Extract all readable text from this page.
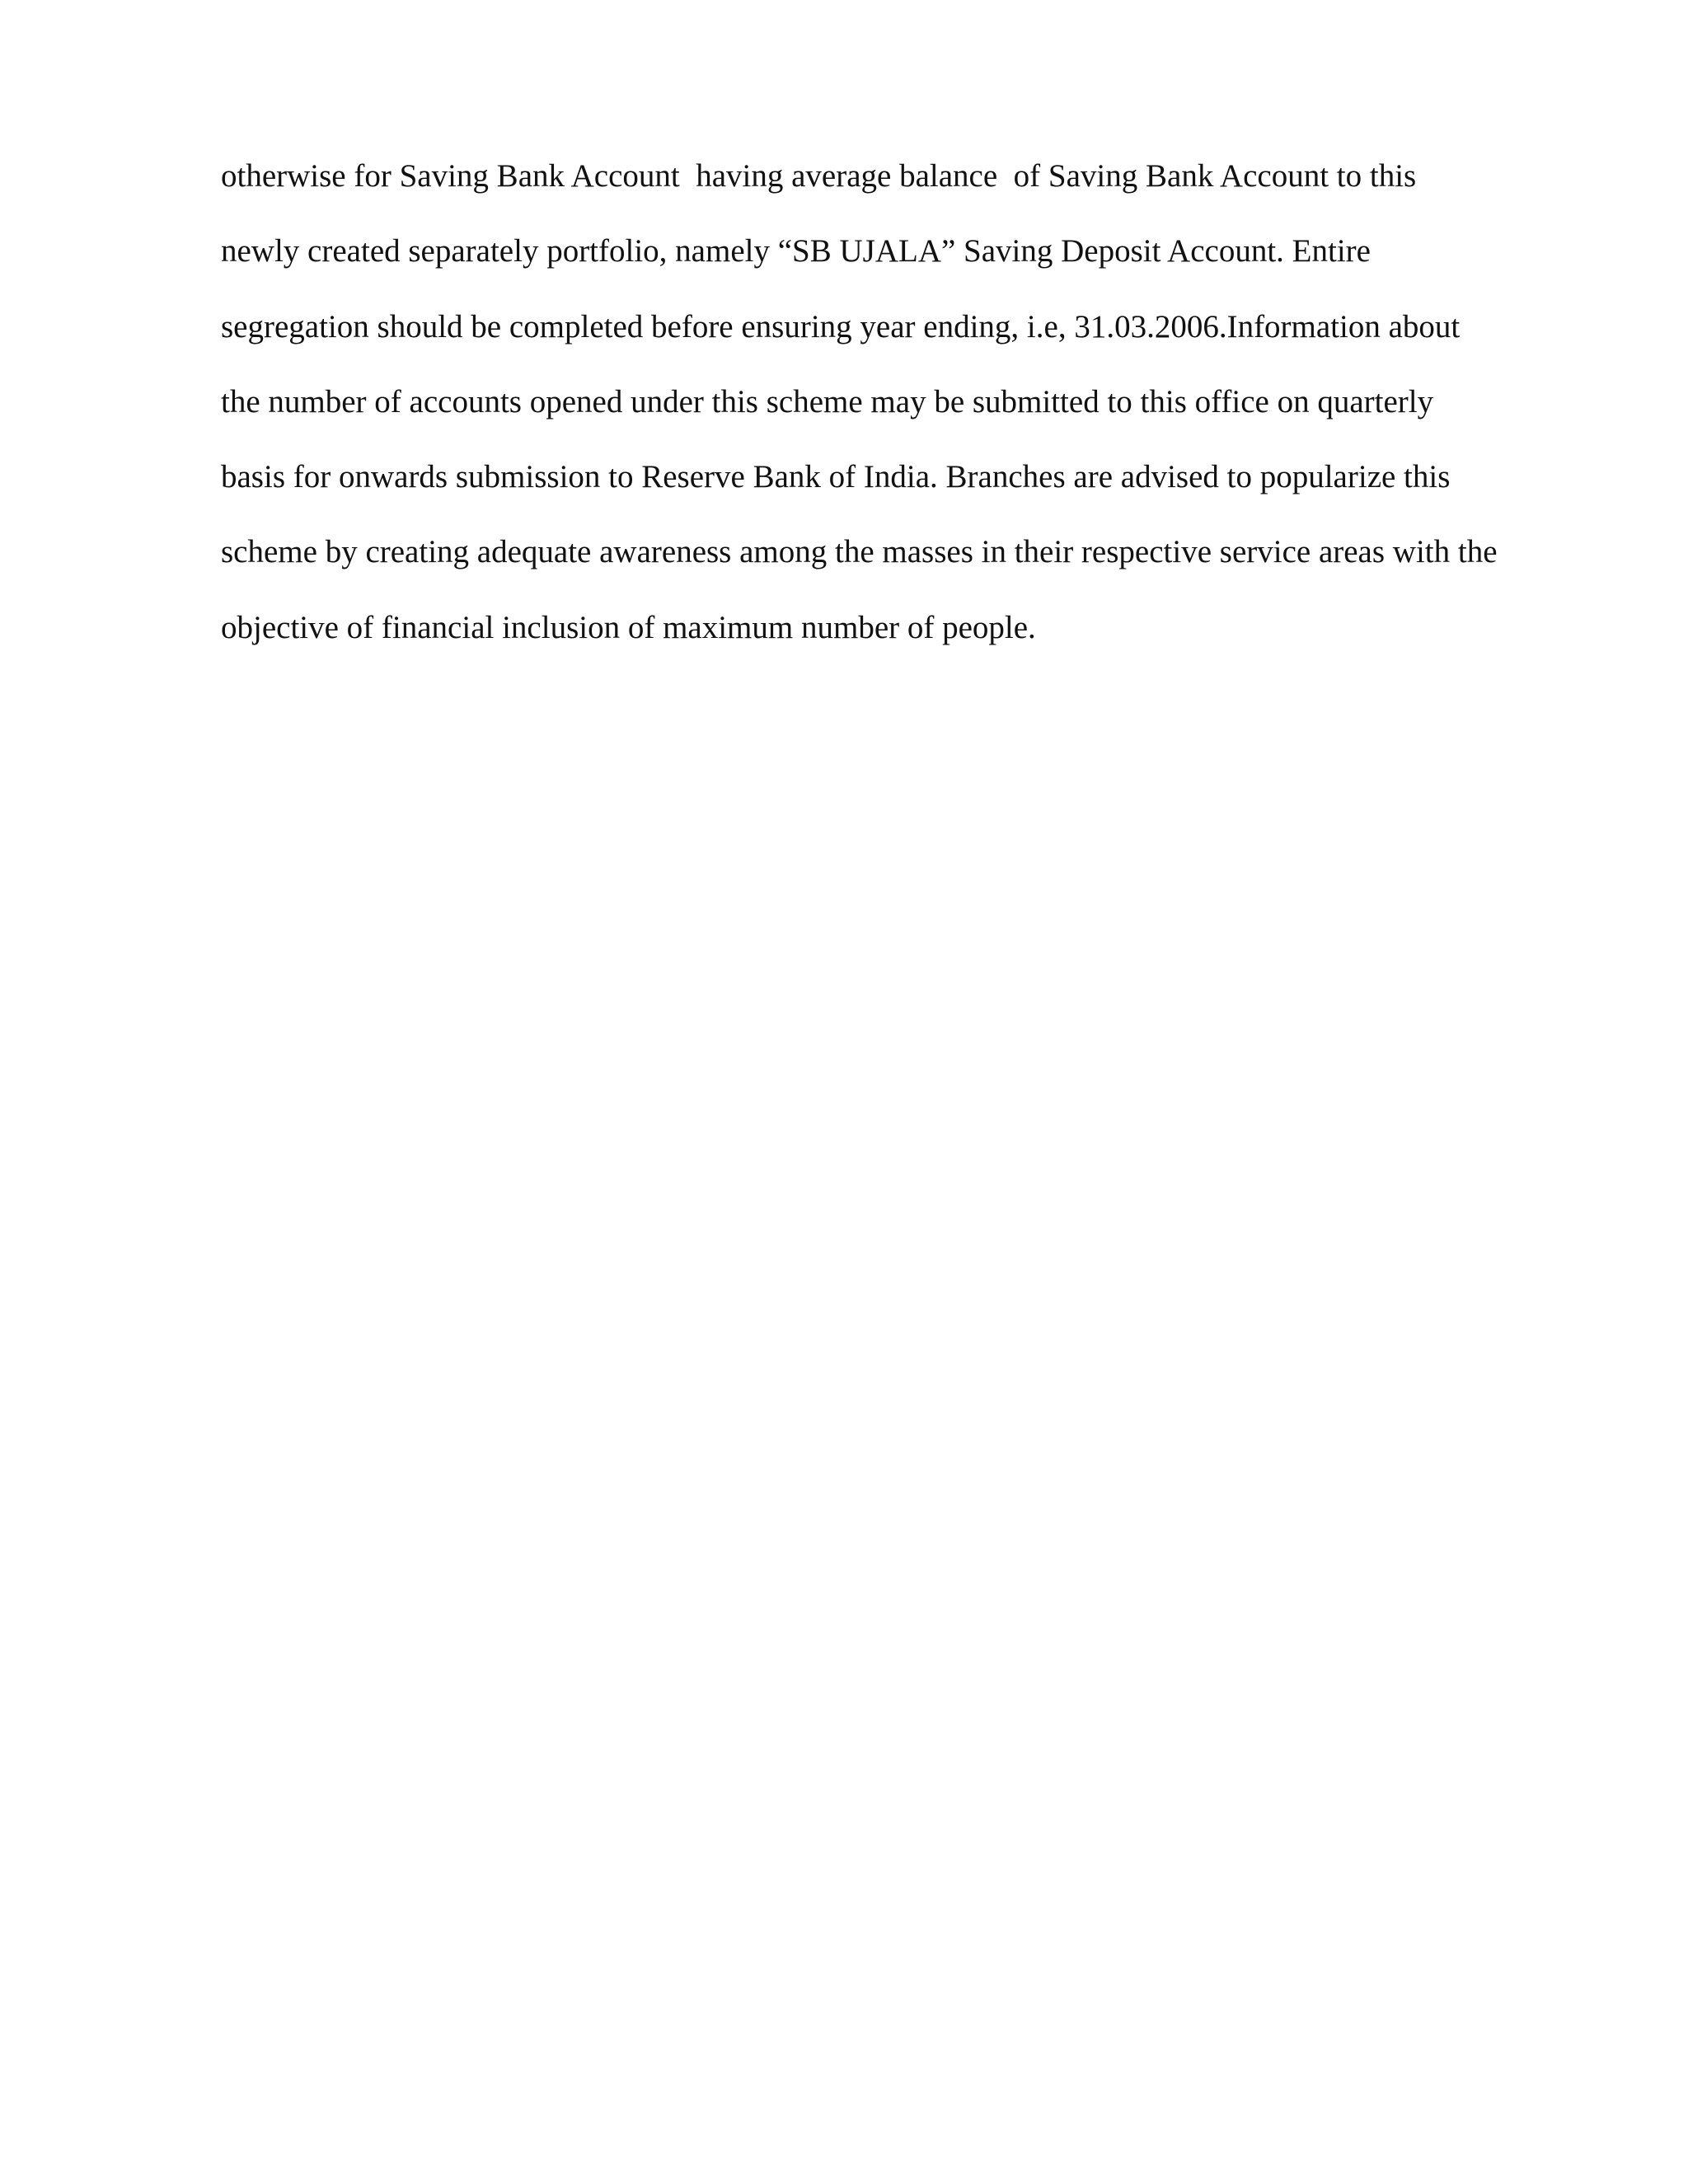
otherwise for Saving Bank Account  having average balance  of Saving Bank Account to this
newly created separately portfolio, namely “SB UJALA” Saving Deposit Account. Entire
segregation should be completed before ensuring year ending, i.e, 31.03.2006.Information about
the number of accounts opened under this scheme may be submitted to this office on quarterly
basis for onwards submission to Reserve Bank of India. Branches are advised to popularize this
scheme by creating adequate awareness among the masses in their respective service areas with the
objective of financial inclusion of maximum number of people.
